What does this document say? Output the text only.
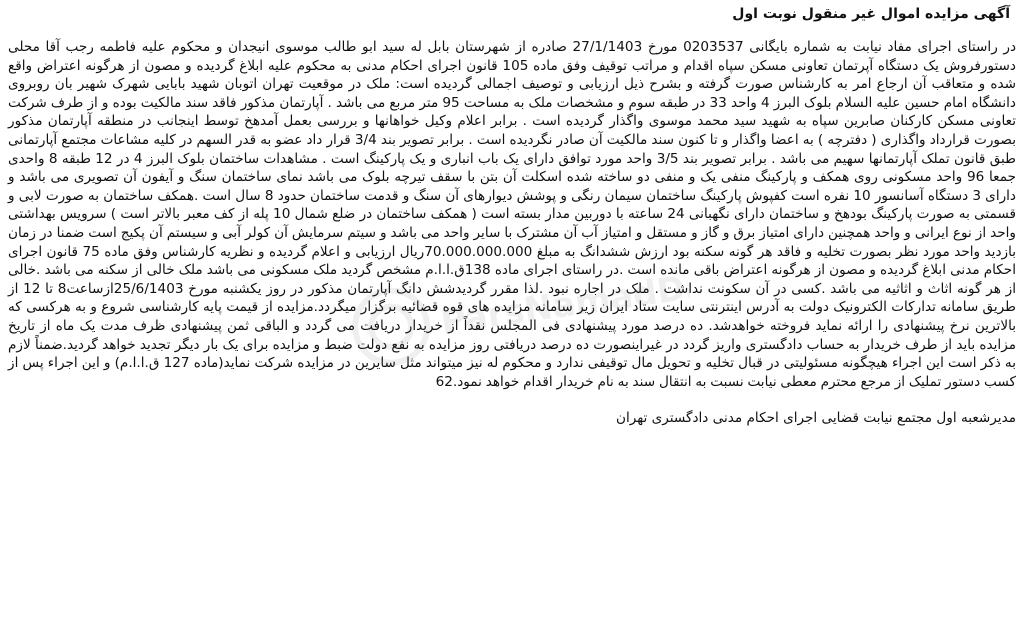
آگهی مزایده اموال غیر منقول نوبت اول

در راستای اجرای مفاد نیابت به شماره بایگانی 0203537 مورخ 27/1/1403 صادره از شهرستان بابل له سید ابو طالب موسوی انیجدان و محکوم علیه فاطمه رجب آقا محلی دستورفروش یک دستگاه آپرتمان تعاونی مسکن سپاه اقدام و مراتب توقیف وفق ماده 105 قانون اجرای احکام مدنی به محکوم علیه ابلاغ گردیده و مصون از هرگونه اعتراض واقع شده و متعاقب آن ارجاع امر به کارشناس صورت گرفته و بشرح ذیل ارزیابی و توصیف اجمالی گردیده است: ملک در موقعیت تهران اتوبان شهید بابایی شهرک شهیر بان روبروی دانشگاه امام حسین علیه السلام بلوک البرز 4 واحد 33 در طبقه سوم و مشخصات ملک به مساحت 95 متر مربع می باشد . آپارتمان مذکور فاقد سند مالکیت بوده و از طرف شرکت تعاونی مسکن کارکنان صابرین سپاه به شهید سید محمد موسوی واگذار گردیده است . برابر اعلام وکیل خواهانها و بررسی بعمل آمدهخ توسط اینجانب در منطقه آپارتمان مذکور بصورت قرارداد واگذاری ( دفترچه ) به اعضا واگذار و تا کنون سند مالکیت آن صادر نگردیده است . برابر تصویر بند 3/4 قرار داد عضو به قدر السهم در کلیه مشاعات مجتمع آپارتمانی طبق قانون تملک آپارتمانها سهیم می باشد . برابر تصویر بند 3/5 واحد مورد توافق دارای یک باب انباری و یک پارکینگ است . مشاهدات ساختمان بلوک البرز 4 در 12 طبقه 8 واحدی جمعا 96 واحد مسکونی روی همکف و پارکینگ منفی یک و منفی دو ساخته شده اسکلت آن بتن با سقف تیرچه بلوک می باشد نمای ساختمان سنگ و آیفون آن تصویری می باشد و دارای 3 دستگاه آسانسور 10 نفره است کفپوش پارکینگ ساختمان سیمان رنگی و پوشش دیوارهای آن سنگ و قدمت ساختمان حدود 8 سال است .همکف ساختمان به صورت لابی و قسمتی به صورت پارکینگ بودهخ و ساختمان دارای نگهبانی 24 ساعته با دوربین مدار بسته است ( همکف ساختمان در ضلع شمال 10 پله از کف معبر بالاتر است ) سرویس بهداشتی واحد از نوع ایرانی و واحد همچنین دارای امتیاز برق و گاز و مستقل و امتیاز آب آن مشترک با سایر واحد می باشد و سیتم سرمایش آن کولر آبی و سیستم آن پکیج است ضمنا در زمان بازدید واحد مورد نظر بصورت تخلیه و فاقد هر گونه سکنه بود ارزش ششدانگ به مبلغ 70.000.000.000ریال ارزیابی و اعلام گردیده و نظریه کارشناس وفق ماده 75 قانون اجرای احکام مدنی ابلاغ گردیده و مصون از هرگونه اعتراض باقی مانده است .در راستای اجرای ماده 138ق.ا.ا.م مشخص گردید ملک مسکونی می باشد ملک خالی از سکنه می باشد .خالی از هر گونه اثاث و اثاثیه می باشد .کسی در آن سکونت نداشت . ملک در اجاره نبود .لذا مقرر گردیدشش دانگ آپارتمان مذکور در روز یکشنبه مورخ 25/6/1403ازساعت8 تا 12 از طریق سامانه تدارکات الکترونیک دولت به آدرس اینترنتی سایت ستاد ایران زیر سامانه مزایده های قوه قضائیه برگزار میگردد.مزایده از قیمت پایه کارشناسی شروع و به هرکسی که بالاترین نرخ پیشنهادی را ارائه نماید فروخته خواهدشد. ده درصد مورد پیشنهادی فی المجلس نقداً از خریدار دریافت می گردد و الباقی ثمن پیشنهادی ظرف مدت یک ماه از تاریخ مزایده باید از طرف خریدار به حساب دادگستری واریز گردد در غیراینصورت ده درصد دریافتی روز مزایده به نفع دولت ضبط و مزایده برای یک بار دیگر تجدید خواهد گردید.ضمناً لازم به ذکر است این اجراء هیچگونه مسئولیتی در قبال تخلیه و تحویل مال توقیفی ندارد و محکوم له نیز میتواند مثل سایرین در مزایده شرکت نماید(ماده 127 ق.ا.ا.م) و این اجراء پس از کسب دستور تملیک از مرجع محترم معطی نیابت نسبت به انتقال سند به نام خریدار اقدام خواهد نمود.62

مدیرشعبه اول مجتمع نیابت قضایی اجرای احکام مدنی دادگستری تهران
ParsNamadData
